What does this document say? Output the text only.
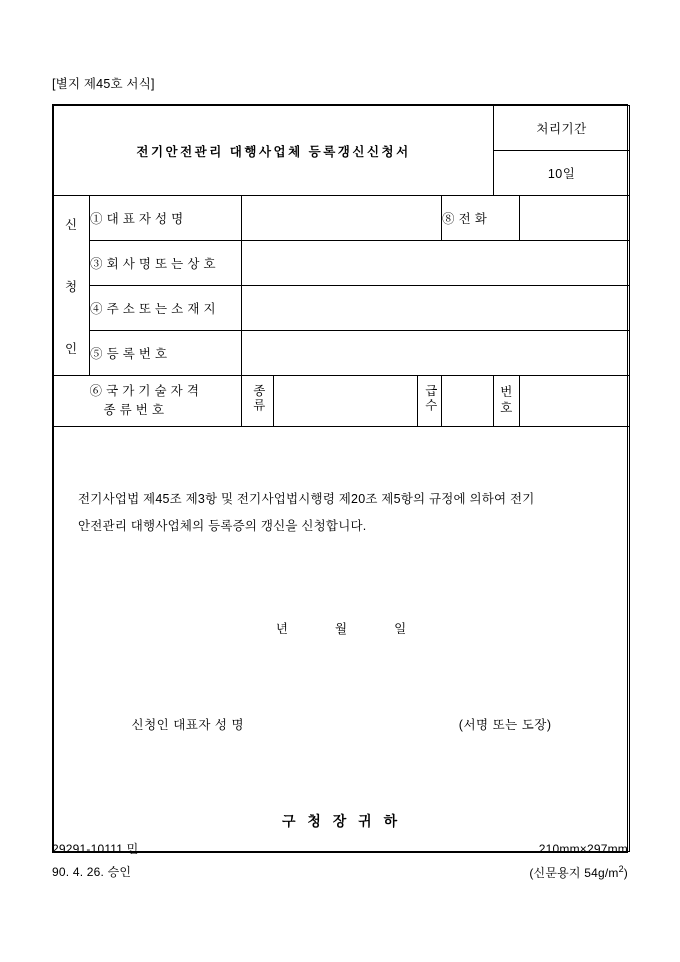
[별지 제45호 서식]
전기안전관리 대행사업체 등록갱신신청서						처리기간	
						10일	

신
청
인	① 대 표 자 성 명				⑧ 전 화		
	③ 회 사 명 또 는 상 호						
	④ 주 소 또 는 소 재 지						
	⑤ 등 록 번 호						

	⑥ 국 가 기 술 자 격
종 류 번 호	종류		급수		번 호	

전기사업법 제45조 제3항 및 전기사업법시행령 제20조 제5항의 규정에 의하여 전기
안전관리 대행사업체의 등록증의 갱신을 신청합니다.
년	월	일
신청인 대표자 성 명	(서명 또는 도장)
구 청 장 귀 하
29291-10111 민	210mm×297mm
90. 4. 26. 승인	(신문용지 $54g/m^2$)
